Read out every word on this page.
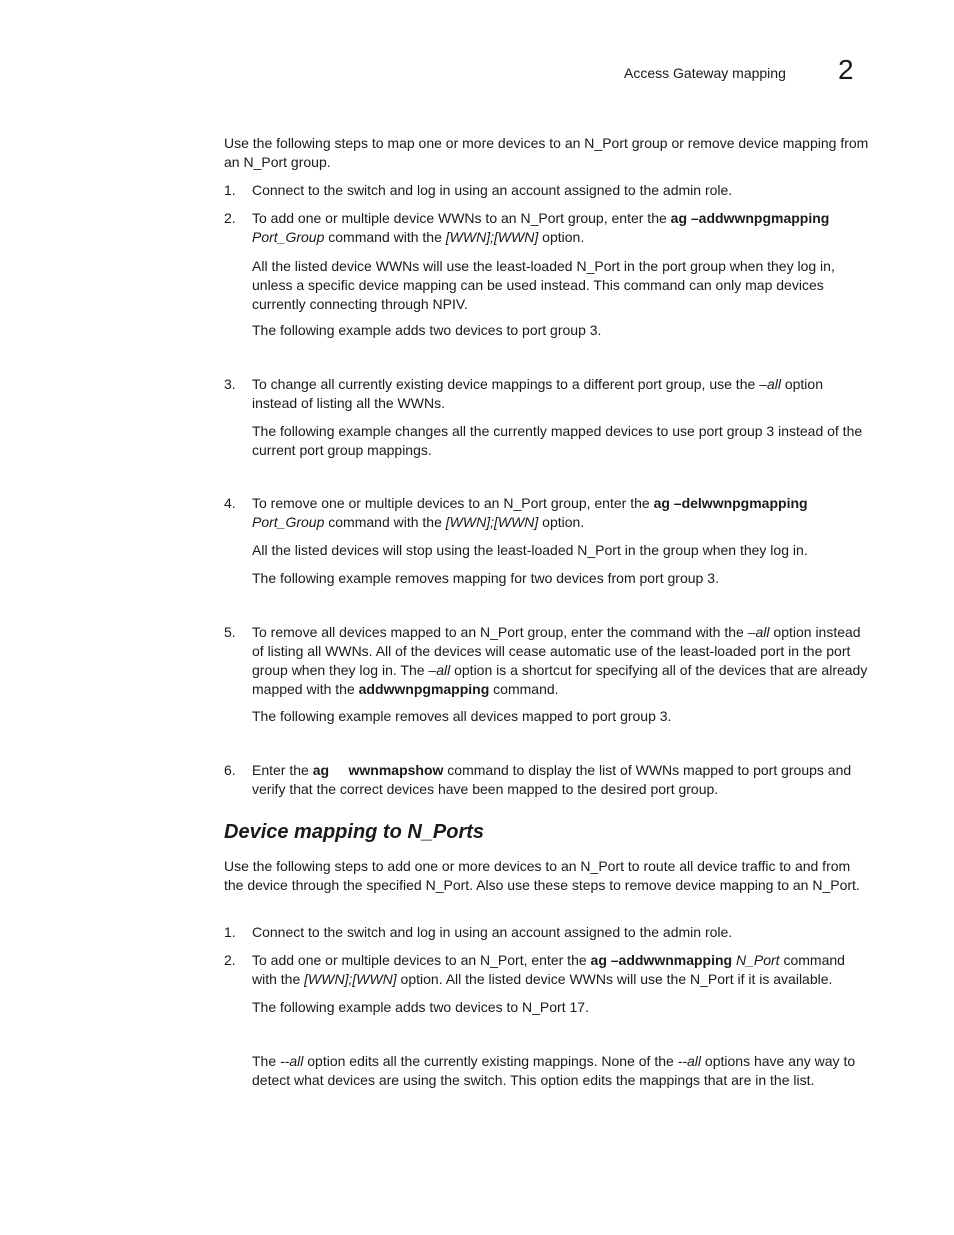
Access Gateway mapping 2

Use the following steps to map one or more devices to an N_Port group or remove device mapping from an N_Port group.

1.	Connect to the switch and log in using an account assigned to the admin role.

2.	To add one or multiple device WWNs to an N_Port group, enter the ag –addwwnpgmapping Port_Group command with the [WWN];[WWN] option.

All the listed device WWNs will use the least-loaded N_Port in the port group when they log in, unless a specific device mapping can be used instead. This command can only map devices currently connecting through NPIV.

The following example adds two devices to port group 3.

3.	To change all currently existing device mappings to a different port group, use the –all option instead of listing all the WWNs.

The following example changes all the currently mapped devices to use port group 3 instead of the current port group mappings.

4.	To remove one or multiple devices to an N_Port group, enter the ag –delwwnpgmapping Port_Group command with the [WWN];[WWN] option.

All the listed devices will stop using the least-loaded N_Port in the group when they log in.

The following example removes mapping for two devices from port group 3.

5.	To remove all devices mapped to an N_Port group, enter the command with the –all option instead of listing all WWNs. All of the devices will cease automatic use of the least-loaded port in the port group when they log in. The –all option is a shortcut for specifying all of the devices that are already mapped with the addwwnpgmapping command.

The following example removes all devices mapped to port group 3.

6.	Enter the ag wwnmapshow command to display the list of WWNs mapped to port groups and verify that the correct devices have been mapped to the desired port group.

Device mapping to N_Ports

Use the following steps to add one or more devices to an N_Port to route all device traffic to and from the device through the specified N_Port. Also use these steps to remove device mapping to an N_Port.

1.	Connect to the switch and log in using an account assigned to the admin role.

2.	To add one or multiple devices to an N_Port, enter the ag –addwwnmapping N_Port command with the [WWN];[WWN] option. All the listed device WWNs will use the N_Port if it is available.

The following example adds two devices to N_Port 17.

The --all option edits all the currently existing mappings. None of the --all options have any way to detect what devices are using the switch. This option edits the mappings that are in the list.
